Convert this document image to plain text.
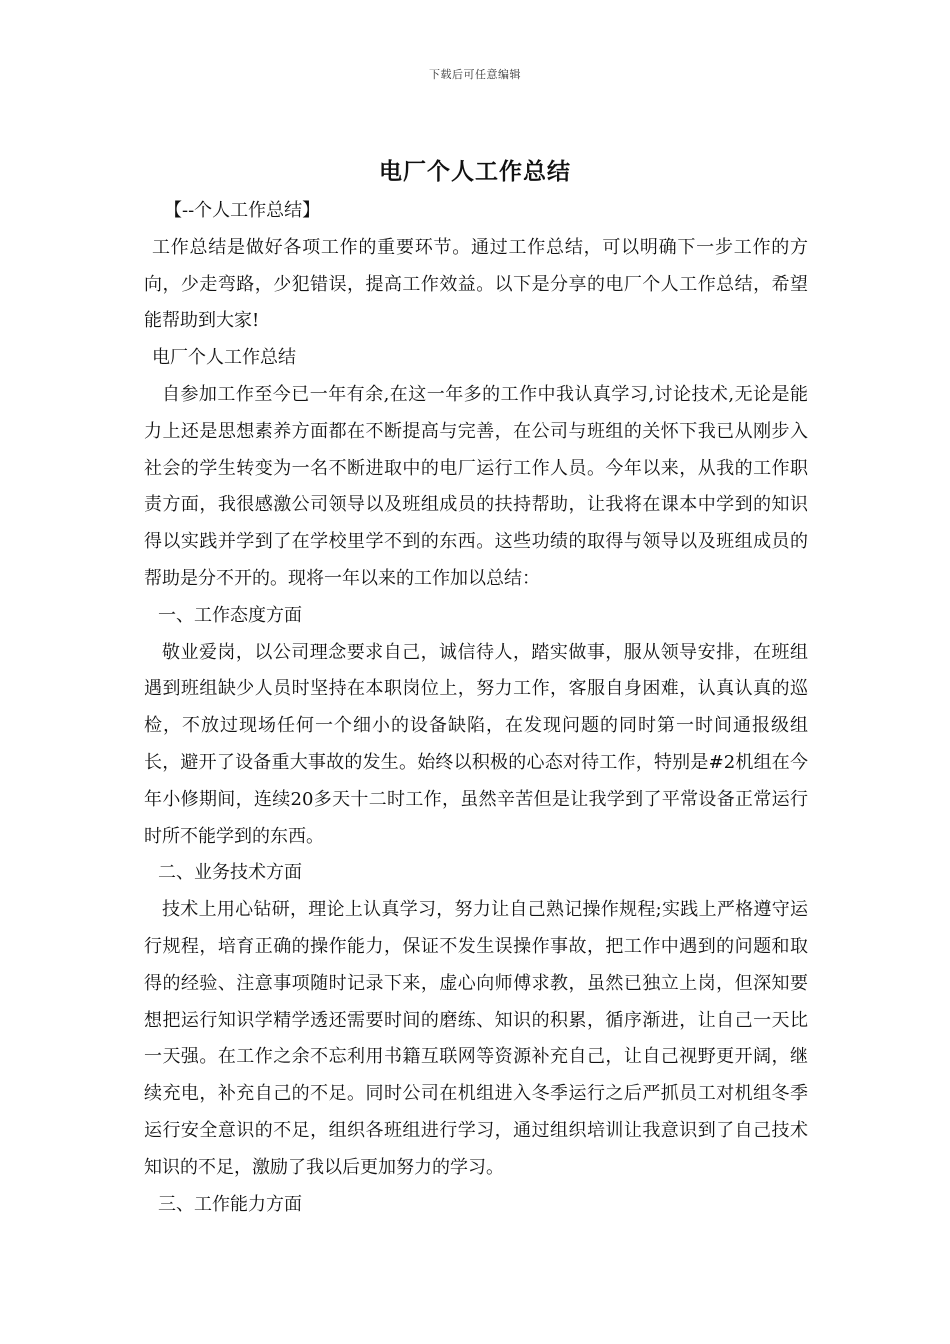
下载后可任意编辑
电厂个人工作总结

【--个人工作总结】

工作总结是做好各项工作的重要环节。通过工作总结，可以明确下一步工作的方向，少走弯路，少犯错误，提高工作效益。以下是分享的电厂个人工作总结，希望能帮助到大家!

电厂个人工作总结

自参加工作至今已一年有余,在这一年多的工作中我认真学习,讨论技术,无论是能力上还是思想素养方面都在不断提高与完善，在公司与班组的关怀下我已从刚步入社会的学生转变为一名不断进取中的电厂运行工作人员。今年以来，从我的工作职责方面，我很感激公司领导以及班组成员的扶持帮助，让我将在课本中学到的知识得以实践并学到了在学校里学不到的东西。这些功绩的取得与领导以及班组成员的帮助是分不开的。现将一年以来的工作加以总结：

一、工作态度方面

敬业爱岗，以公司理念要求自己，诚信待人，踏实做事，服从领导安排，在班组遇到班组缺少人员时坚持在本职岗位上，努力工作，客服自身困难，认真认真的巡检，不放过现场任何一个细小的设备缺陷，在发现问题的同时第一时间通报级组长，避开了设备重大事故的发生。始终以积极的心态对待工作，特别是#2机组在今年小修期间，连续20多天十二时工作，虽然辛苦但是让我学到了平常设备正常运行时所不能学到的东西。

二、业务技术方面

技术上用心钻研，理论上认真学习，努力让自己熟记操作规程;实践上严格遵守运行规程，培育正确的操作能力，保证不发生误操作事故，把工作中遇到的问题和取得的经验、注意事项随时记录下来，虚心向师傅求教，虽然已独立上岗，但深知要想把运行知识学精学透还需要时间的磨练、知识的积累，循序渐进，让自己一天比一天强。在工作之余不忘利用书籍互联网等资源补充自己，让自己视野更开阔，继续充电，补充自己的不足。同时公司在机组进入冬季运行之后严抓员工对机组冬季运行安全意识的不足，组织各班组进行学习，通过组织培训让我意识到了自己技术知识的不足，激励了我以后更加努力的学习。

三、工作能力方面
